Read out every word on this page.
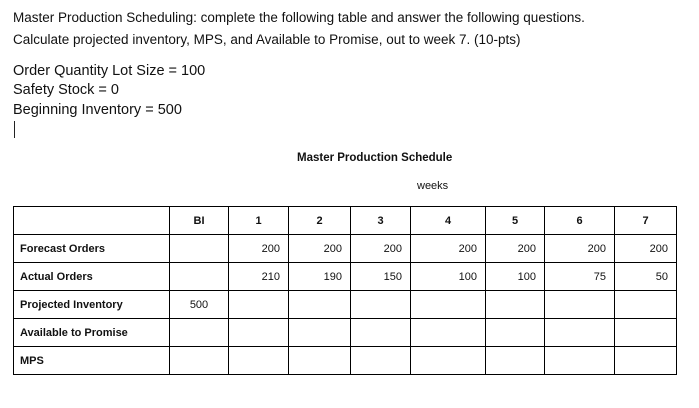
Master Production Scheduling: complete the following table and answer the following questions.
Calculate projected inventory, MPS, and Available to Promise, out to week 7. (10-pts)
Order Quantity Lot Size = 100
Safety Stock = 0
Beginning Inventory = 500
Master Production Schedule
weeks
	BI	1	2	3	4	5	6	7
Forecast Orders		200	200	200	200	200	200	200
Actual Orders		210	190	150	100	100	75	50
Projected Inventory	500							
Available to Promise								
MPS								
